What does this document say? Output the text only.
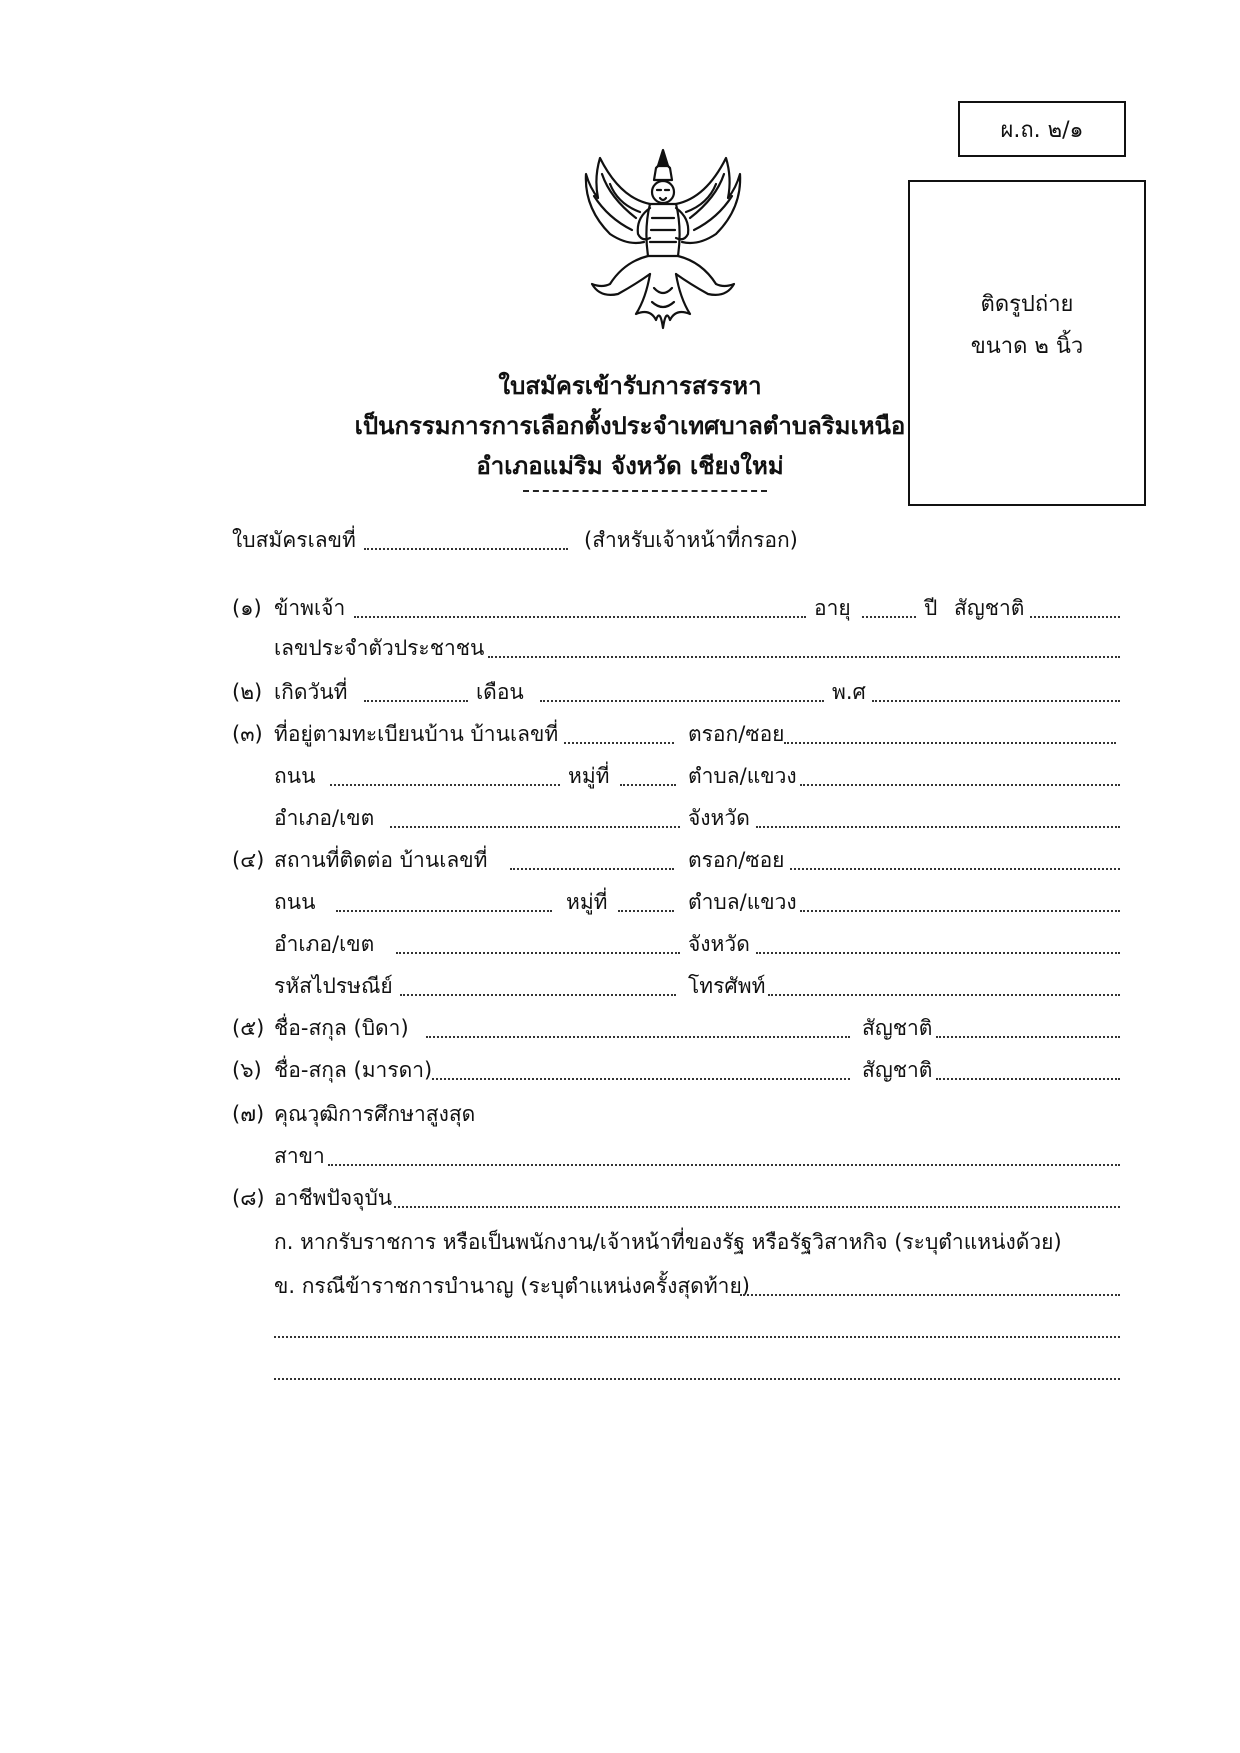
ผ.ถ. ๒/๑
ติดรูปถ่าย
ขนาด ๒ นิ้ว
ใบสมัครเข้ารับการสรรหา
เป็นกรรมการการเลือกตั้งประจำเทศบาลตำบลริมเหนือ
อำเภอแม่ริม จังหวัด เชียงใหม่
ใบสมัครเลขที่	(สำหรับเจ้าหน้าที่กรอก)
(๑) ข้าพเจ้า	อายุ	ปี สัญชาติ
เลขประจำตัวประชาชน
(๒) เกิดวันที่	เดือน	พ.ศ
(๓) ที่อยู่ตามทะเบียนบ้าน บ้านเลขที่	ตรอก/ซอย
ถนน	หมู่ที่	ตำบล/แขวง
อำเภอ/เขต	จังหวัด
(๔) สถานที่ติดต่อ บ้านเลขที่	ตรอก/ซอย
ถนน	หมู่ที่	ตำบล/แขวง
อำเภอ/เขต	จังหวัด
รหัสไปรษณีย์	โทรศัพท์
(๕) ชื่อ-สกุล (บิดา)	สัญชาติ
(๖) ชื่อ-สกุล (มารดา)	สัญชาติ
(๗) คุณวุฒิการศึกษาสูงสุด
สาขา
(๘) อาชีพปัจจุบัน
ก. หากรับราชการ หรือเป็นพนักงาน/เจ้าหน้าที่ของรัฐ หรือรัฐวิสาหกิจ (ระบุตำแหน่งด้วย)
ข. กรณีข้าราชการบำนาญ (ระบุตำแหน่งครั้งสุดท้าย)
